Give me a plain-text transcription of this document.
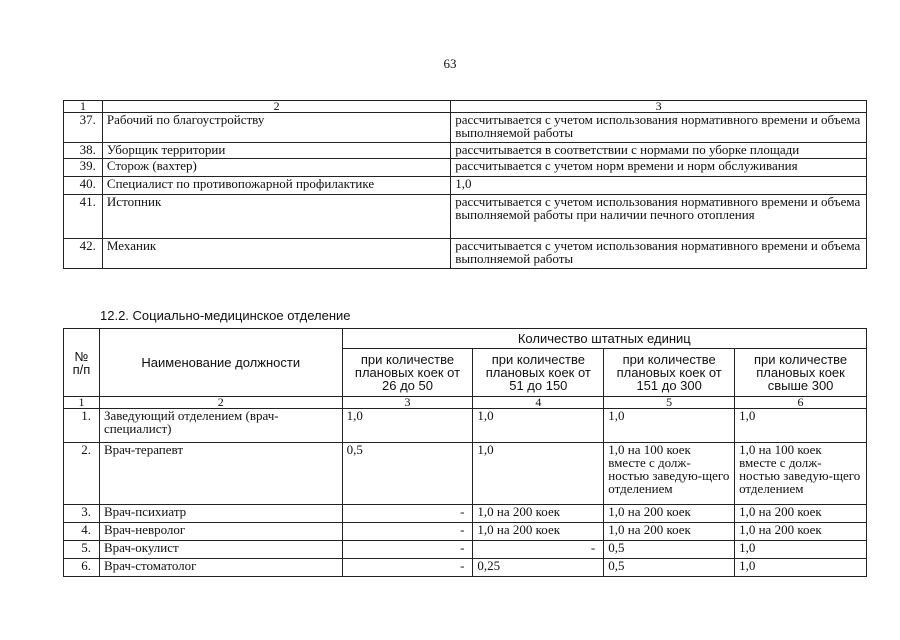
63
1	2	3
37.	Рабочий по благоустройству	рассчитывается с учетом использования нормативного времени и объема выполняемой работы
38.	Уборщик территории	рассчитывается в соответствии с нормами по уборке площади
39.	Сторож (вахтер)	рассчитывается с учетом норм времени и норм обслуживания
40.	Специалист по противопожарной профилактике	1,0
41.	Истопник	рассчитывается с учетом использования нормативного времени и объема выполняемой работы при наличии печного отопления
42.	Механик	рассчитывается с учетом использования нормативного времени и объема выполняемой работы
12.2. Социально-медицинское отделение
№ п/п	Наименование должности	Количество штатных единиц			
		при количестве плановых коек от 26 до 50	при количестве плановых коек от 51 до 150	при количестве плановых коек от 151 до 300	при количестве плановых коек свыше 300
1	2	3	4	5	6
1.	Заведующий отделением (врач-специалист)	1,0	1,0	1,0	1,0
2.	Врач-терапевт	0,5	1,0	1,0 на 100 коек вместе с долж-ностью заведую-щего отделением	1,0 на 100 коек вместе с долж-ностью заведую-щего отделением
3.	Врач-психиатр	-	1,0 на 200 коек	1,0 на 200 коек	1,0 на 200 коек
4.	Врач-невролог	-	1,0 на 200 коек	1,0 на 200 коек	1,0 на 200 коек
5.	Врач-окулист	-	-	0,5	1,0
6.	Врач-стоматолог	-	0,25	0,5	1,0
